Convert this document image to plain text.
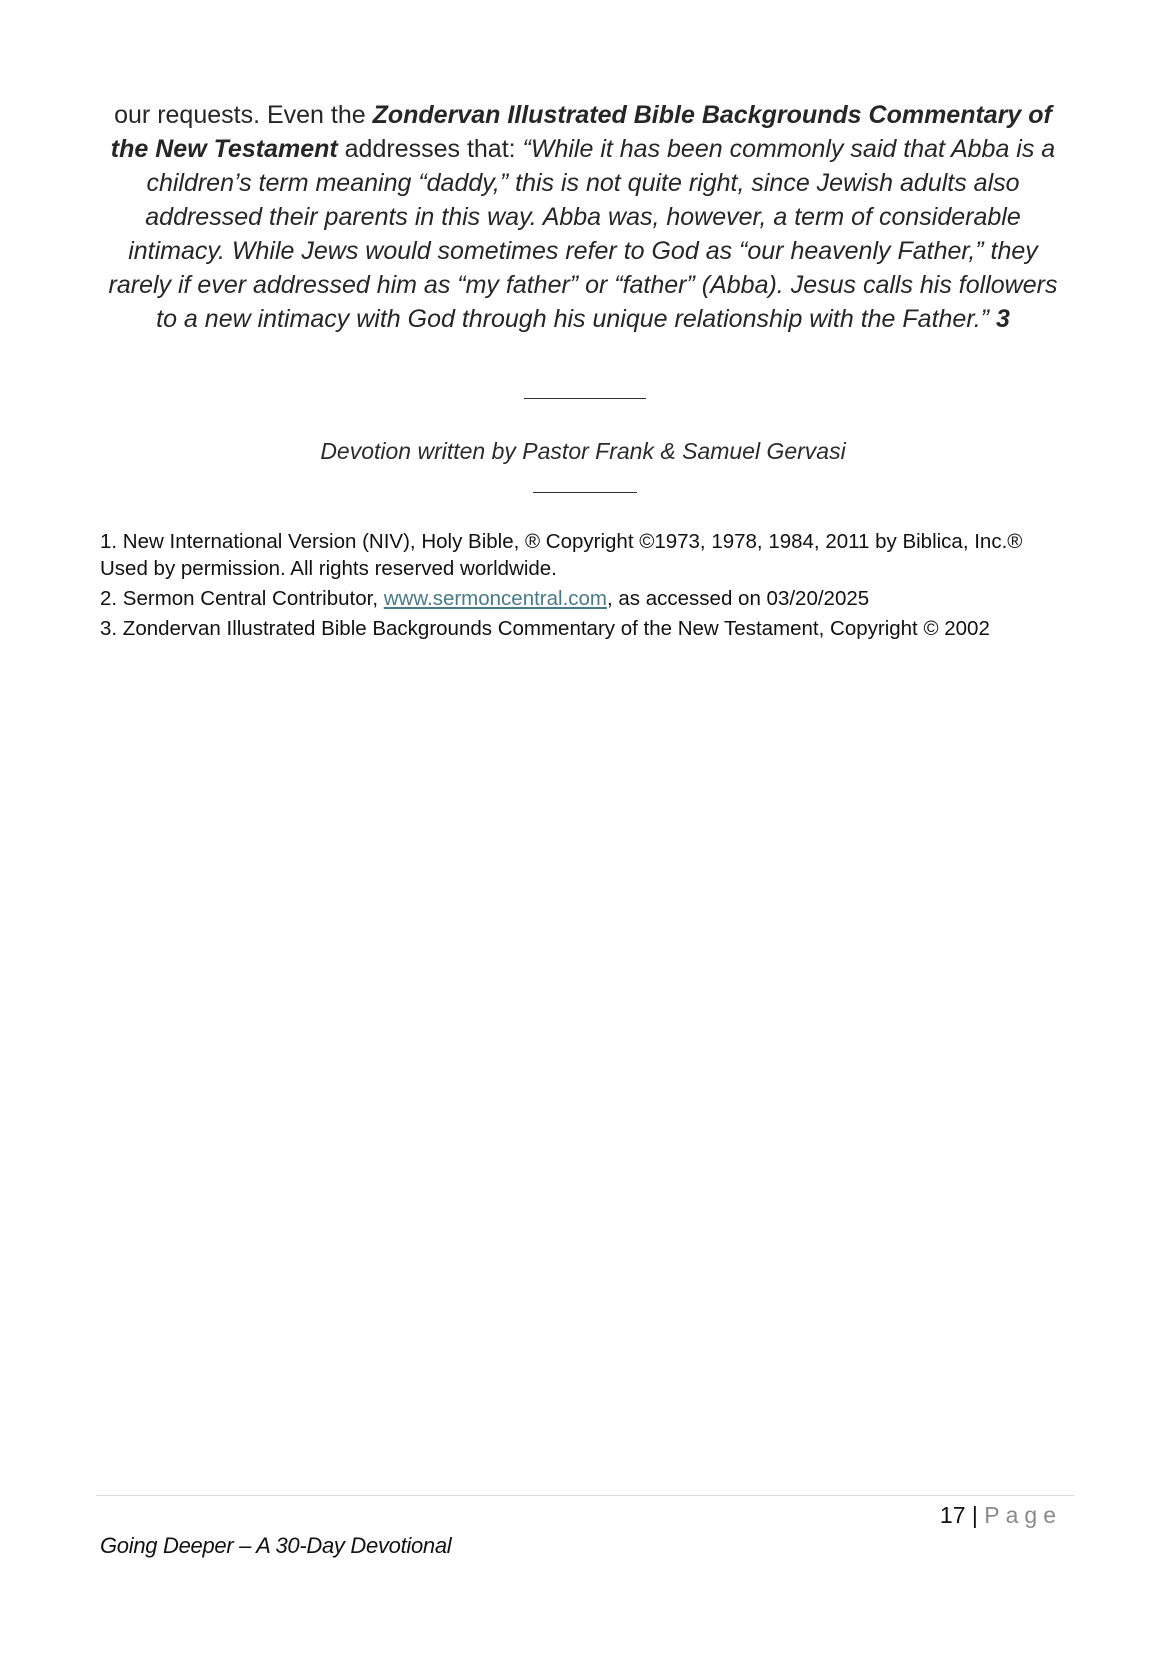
our requests. Even the Zondervan Illustrated Bible Backgrounds Commentary of the New Testament addresses that: “While it has been commonly said that Abba is a children’s term meaning “daddy,” this is not quite right, since Jewish adults also addressed their parents in this way. Abba was, however, a term of considerable intimacy. While Jews would sometimes refer to God as “our heavenly Father,” they rarely if ever addressed him as “my father” or “father” (Abba). Jesus calls his followers to a new intimacy with God through his unique relationship with the Father.” 3

Devotion written by Pastor Frank & Samuel Gervasi

1. New International Version (NIV), Holy Bible, ® Copyright ©1973, 1978, 1984, 2011 by Biblica, Inc.® Used by permission. All rights reserved worldwide.

2. Sermon Central Contributor, www.sermoncentral.com, as accessed on 03/20/2025

3. Zondervan Illustrated Bible Backgrounds Commentary of the New Testament, Copyright © 2002

17 | Page
Going Deeper – A 30-Day Devotional
